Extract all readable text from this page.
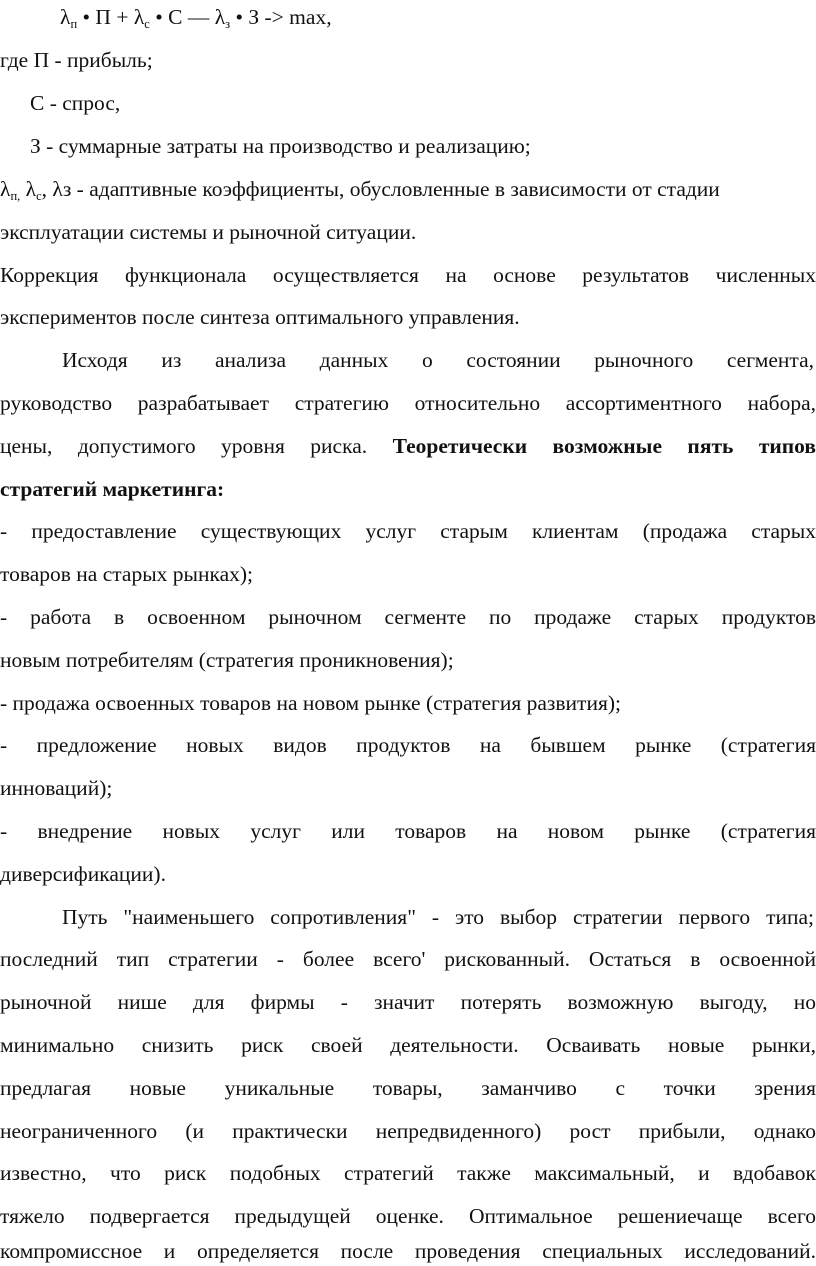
$\lambda_п$ • $П + \lambda_с$ • С — $\lambda_з$ • З -> max,
где П - прибыль;
С - спрос,
З - суммарные затраты на производство и реализацию;
$\lambda_{п,}$ $\lambda_с$, λз - адаптивные коэффициенты, обусловленные в зависимости от стадии
эксплуатации системы и рыночной ситуации.
Коррекция функционала осуществляется на основе результатов численных
экспериментов после синтеза оптимального управления.
Исходя из анализа данных о состоянии рыночного сегмента,
руководство разрабатывает стратегию относительно ассортиментного набора,
цены, допустимого уровня риска. Теоретически возможные пять типов
стратегий маркетинга:
- предоставление существующих услуг старым клиентам (продажа старых
товаров на старых рынках);
- работа в освоенном рыночном сегменте по продаже старых продуктов
новым потребителям (стратегия проникновения);
- продажа освоенных товаров на новом рынке (стратегия развития);
- предложение новых видов продуктов на бывшем рынке (стратегия
инноваций);
- внедрение новых услуг или товаров на новом рынке (стратегия
диверсификации).
Путь "наименьшего сопротивления" - это выбор стратегии первого типа;
последний тип стратегии - более всего' рискованный. Остаться в освоенной
рыночной нише для фирмы - значит потерять возможную выгоду, но
минимально снизить риск своей деятельности. Осваивать новые рынки,
предлагая новые уникальные товары, заманчиво с точки зрения
неограниченного (и практически непредвиденного) рост прибыли, однако
известно, что риск подобных стратегий также максимальный, и вдобавок
тяжело подвергается предыдущей оценке. Оптимальное решениечаще всего
компромиссное и определяется после проведения специальных исследований.
